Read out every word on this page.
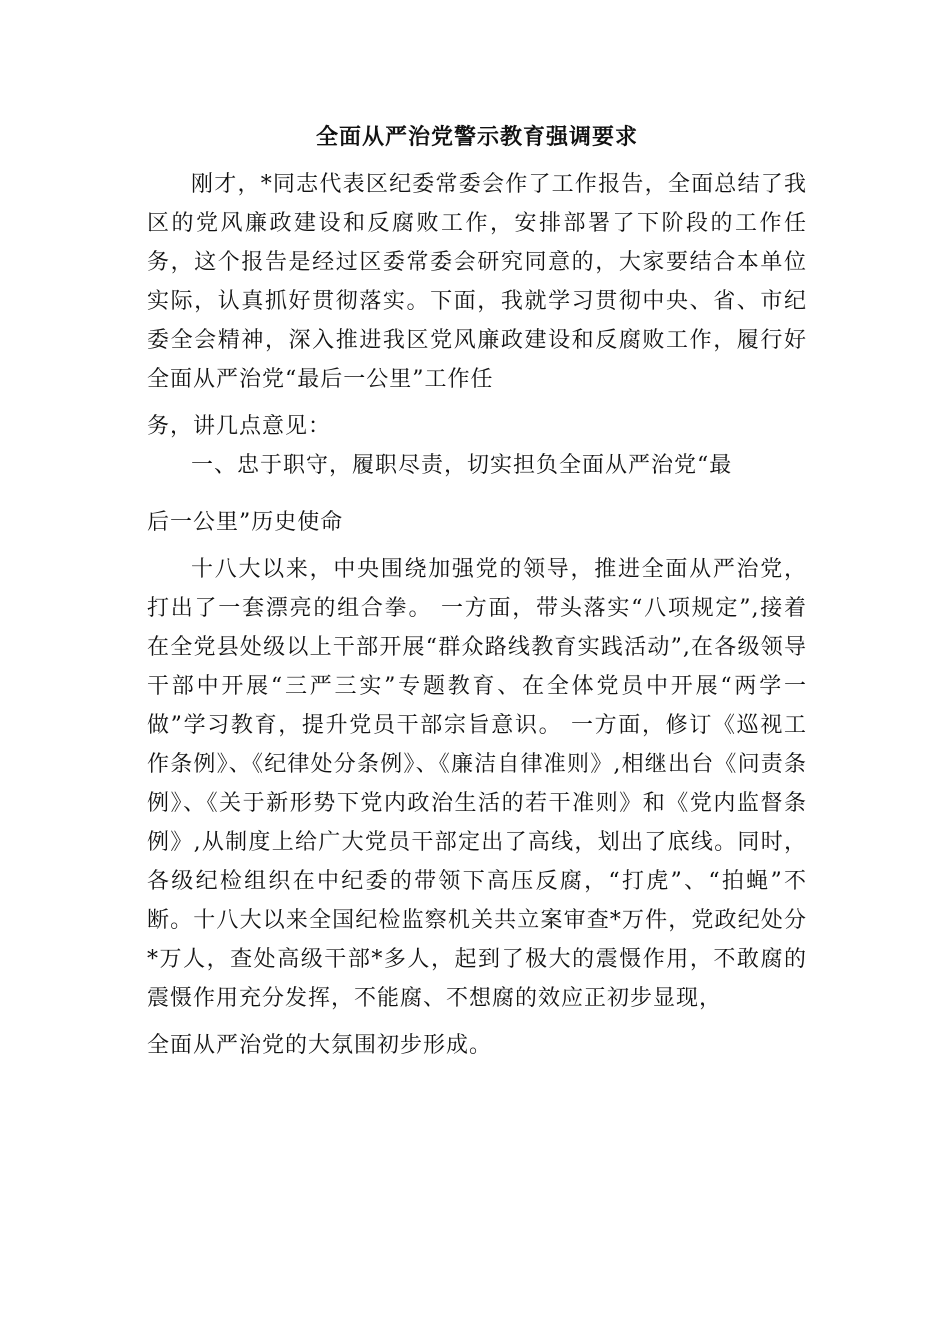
全面从严治党警示教育强调要求

刚才，*同志代表区纪委常委会作了工作报告，全面总结了我区的党风廉政建设和反腐败工作，安排部署了下阶段的工作任务，这个报告是经过区委常委会研究同意的，大家要结合本单位实际，认真抓好贯彻落实。下面，我就学习贯彻中央、省、市纪委全会精神，深入推进我区党风廉政建设和反腐败工作，履行好全面从严治党“最后一公里”工作任

务，讲几点意见：

一、忠于职守，履职尽责，切实担负全面从严治党“最

后一公里”历史使命

十八大以来，中央围绕加强党的领导，推进全面从严治党，打出了一套漂亮的组合拳。 一方面，带头落实“八项规定”,接着在全党县处级以上干部开展“群众路线教育实践活动”,在各级领导干部中开展“三严三实”专题教育、在全体党员中开展“两学一做”学习教育，提升党员干部宗旨意识。 一方面，修订《巡视工作条例》、《纪律处分条例》、《廉洁自律准则》,相继出台《问责条例》、《关于新形势下党内政治生活的若干准则》和《党内监督条例》,从制度上给广大党员干部定出了高线，划出了底线。同时，各级纪检组织在中纪委的带领下高压反腐，“打虎”、“拍蝇”不断。十八大以来全国纪检监察机关共立案审查*万件，党政纪处分*万人，查处高级干部*多人，起到了极大的震慑作用，不敢腐的震慑作用充分发挥，不能腐、不想腐的效应正初步显现，

全面从严治党的大氛围初步形成。
